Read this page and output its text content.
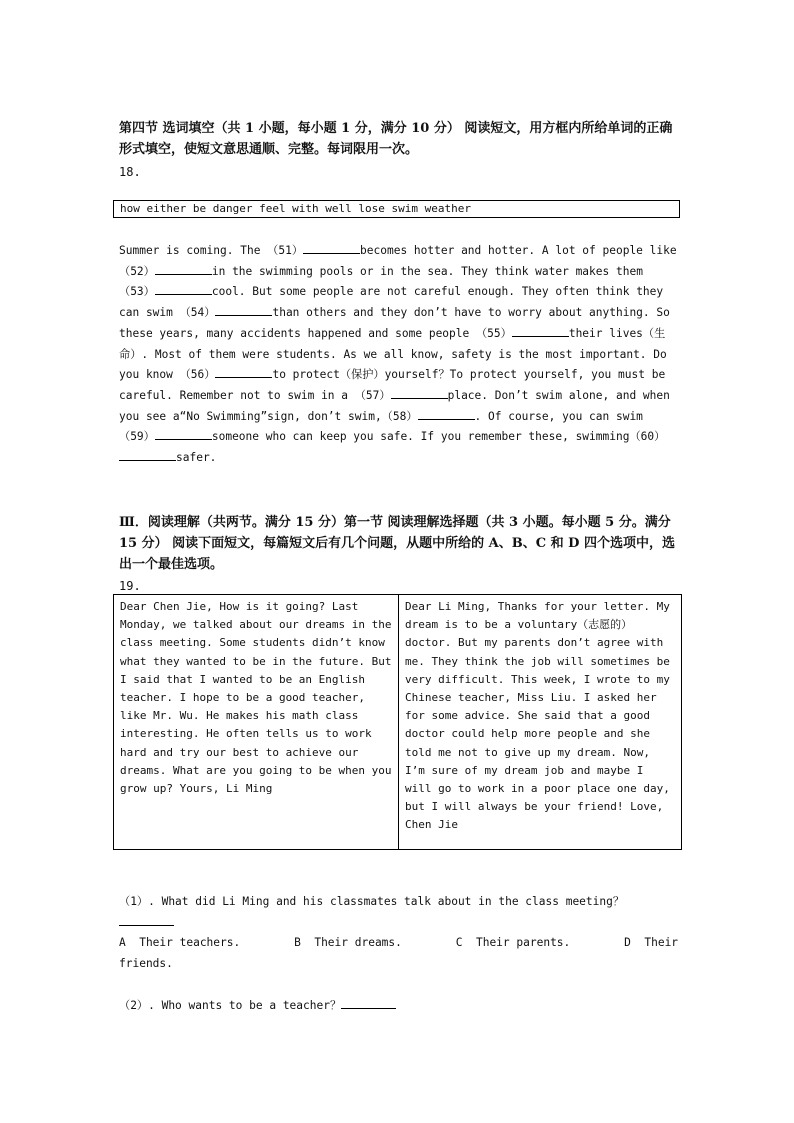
第四节 选词填空（共 1 小题，每小题 1 分，满分 10 分） 阅读短文，用方框内所给单词的正确形式填空，使短文意思通顺、完整。每词限用一次。

18.

how either be danger feel with well lose swim weather

Summer is coming. The （51）	becomes hotter and hotter. A lot of people like （52）	in the swimming pools or in the sea. They think water makes them （53）	cool. But some people are not careful enough. They often think they can swim （54）	than others and they don’t have to worry about anything. So these years, many accidents happened and some people （55）	their lives（生命）. Most of them were students. As we all know, safety is the most important. Do you know （56）	to protect（保护）yourself？To protect yourself, you must be careful. Remember not to swim in a （57）	place. Don’t swim alone, and when you see a“No Swimming”sign, don’t swim,（58）	. Of course, you can swim （59）	someone who can keep you safe. If you remember these, swimming（60）safer.

Ⅲ．阅读理解（共两节。满分 15 分）第一节 阅读理解选择题（共 3 小题。每小题 5 分。满分 15 分） 阅读下面短文，每篇短文后有几个问题，从题中所给的 A、B、C 和 D 四个选项中，选出一个最佳选项。

19.

Dear Chen Jie, How is it going? Last Monday, we talked about our dreams in the class meeting. Some students didn’t know what they wanted to be in the future. But I said that I wanted to be an English teacher. I hope to be a good teacher, like Mr. Wu. He makes his math class interesting. He often tells us to work hard and try our best to achieve our dreams. What are you going to be when you grow up? Yours, Li Ming

Dear Li Ming, Thanks for your letter. My dream is to be a voluntary（志愿的）doctor. But my parents don’t agree with me. They think the job will sometimes be very difficult. This week, I wrote to my Chinese teacher, Miss Liu. I asked her for some advice. She said that a good doctor could help more people and she told me not to give up my dream. Now, I’m sure of my dream job and maybe I will go to work in a poor place one day, but I will always be your friend! Love, Chen Jie

（1）. What did Li Ming and his classmates talk about in the class meeting？
A  Their teachers.        B  Their dreams.        C  Their parents.        D  Their friends.

（2）. Who wants to be a teacher？
